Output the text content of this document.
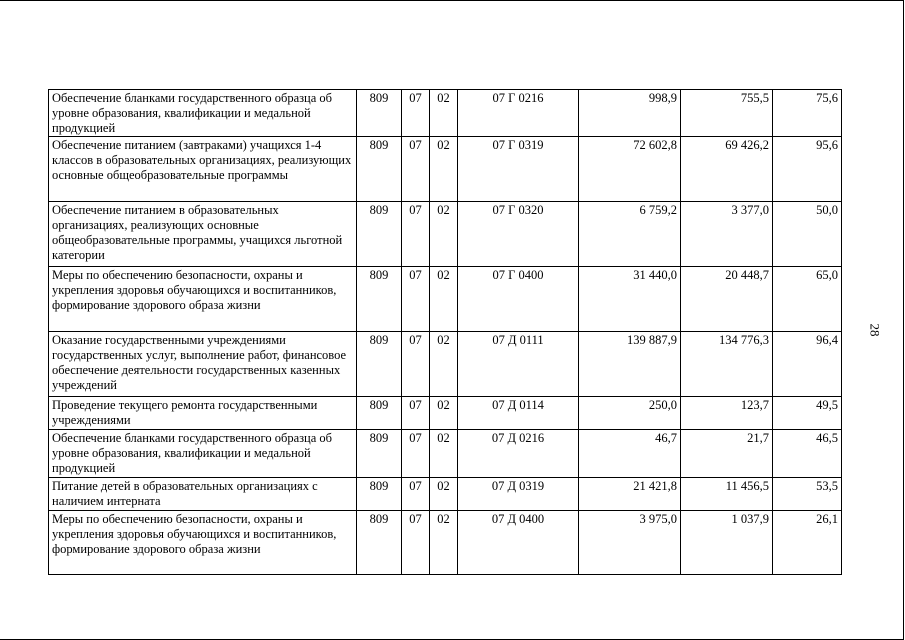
Обеспечение бланками государственного образца об уровне образования, квалификации и медальной продукцией	809	07	02	07 Г 0216	998,9	755,5	75,6
Обеспечение питанием (завтраками) учащихся 1-4 классов в образовательных организациях, реализующих основные общеобразовательные программы	809	07	02	07 Г 0319	72 602,8	69 426,2	95,6
Обеспечение питанием в образовательных организациях, реализующих основные общеобразовательные программы, учащихся льготной категории	809	07	02	07 Г 0320	6 759,2	3 377,0	50,0
Меры по обеспечению безопасности, охраны и укрепления здоровья обучающихся и воспитанников, формирование здорового образа жизни	809	07	02	07 Г 0400	31 440,0	20 448,7	65,0
Оказание государственными учреждениями государственных услуг, выполнение работ, финансовое обеспечение деятельности государственных казенных учреждений	809	07	02	07 Д 0111	139 887,9	134 776,3	96,4
Проведение текущего ремонта государственными учреждениями	809	07	02	07 Д 0114	250,0	123,7	49,5
Обеспечение бланками государственного образца об уровне образования, квалификации и медальной продукцией	809	07	02	07 Д 0216	46,7	21,7	46,5
Питание детей в образовательных организациях с наличием интерната	809	07	02	07 Д 0319	21 421,8	11 456,5	53,5
Меры по обеспечению безопасности, охраны и укрепления здоровья обучающихся и воспитанников, формирование здорового образа жизни	809	07	02	07 Д 0400	3 975,0	1 037,9	26,1
28
